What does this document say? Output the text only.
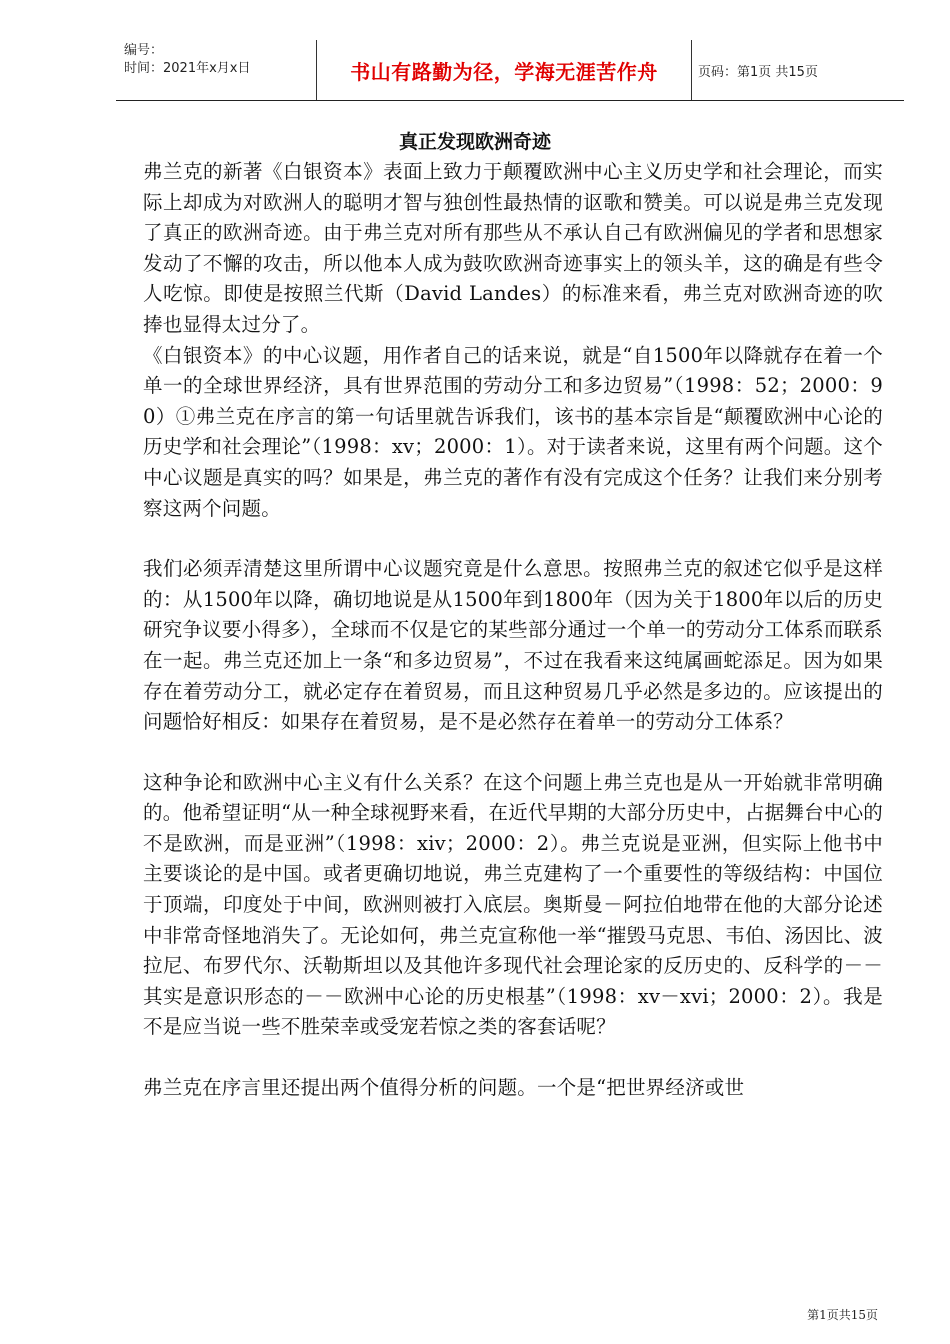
编号：
时间：2021年x月x日	书山有路勤为径，学海无涯苦作舟	页码：第1页 共15页
真正发现欧洲奇迹

弗兰克的新著《白银资本》表面上致力于颠覆欧洲中心主义历史学和社会理论，而实际上却成为对欧洲人的聪明才智与独创性最热情的讴歌和赞美。可以说是弗兰克发现了真正的欧洲奇迹。由于弗兰克对所有那些从不承认自己有欧洲偏见的学者和思想家发动了不懈的攻击，所以他本人成为鼓吹欧洲奇迹事实上的领头羊，这的确是有些令人吃惊。即使是按照兰代斯（David Landes）的标准来看，弗兰克对欧洲奇迹的吹捧也显得太过分了。

《白银资本》的中心议题，用作者自己的话来说，就是“自1500年以降就存在着一个单一的全球世界经济，具有世界范围的劳动分工和多边贸易”（1998：52；2000：90）①弗兰克在序言的第一句话里就告诉我们，该书的基本宗旨是“颠覆欧洲中心论的历史学和社会理论”（1998：xv；2000：1）。对于读者来说，这里有两个问题。这个中心议题是真实的吗？如果是，弗兰克的著作有没有完成这个任务？让我们来分别考察这两个问题。

我们必须弄清楚这里所谓中心议题究竟是什么意思。按照弗兰克的叙述它似乎是这样的：从1500年以降，确切地说是从1500年到1800年（因为关于1800年以后的历史研究争议要小得多），全球而不仅是它的某些部分通过一个单一的劳动分工体系而联系在一起。弗兰克还加上一条“和多边贸易”，不过在我看来这纯属画蛇添足。因为如果存在着劳动分工，就必定存在着贸易，而且这种贸易几乎必然是多边的。应该提出的问题恰好相反：如果存在着贸易，是不是必然存在着单一的劳动分工体系？

这种争论和欧洲中心主义有什么关系？在这个问题上弗兰克也是从一开始就非常明确的。他希望证明“从一种全球视野来看，在近代早期的大部分历史中，占据舞台中心的不是欧洲，而是亚洲”（1998：xiv；2000：2）。弗兰克说是亚洲，但实际上他书中主要谈论的是中国。或者更确切地说，弗兰克建构了一个重要性的等级结构：中国位于顶端，印度处于中间，欧洲则被打入底层。奥斯曼－阿拉伯地带在他的大部分论述中非常奇怪地消失了。无论如何，弗兰克宣称他一举“摧毁马克思、韦伯、汤因比、波拉尼、布罗代尔、沃勒斯坦以及其他许多现代社会理论家的反历史的、反科学的－－其实是意识形态的－－欧洲中心论的历史根基”（1998：xv－xvi；2000：2）。我是不是应当说一些不胜荣幸或受宠若惊之类的客套话呢？

弗兰克在序言里还提出两个值得分析的问题。一个是“把世界经济或世

第1页共15页
